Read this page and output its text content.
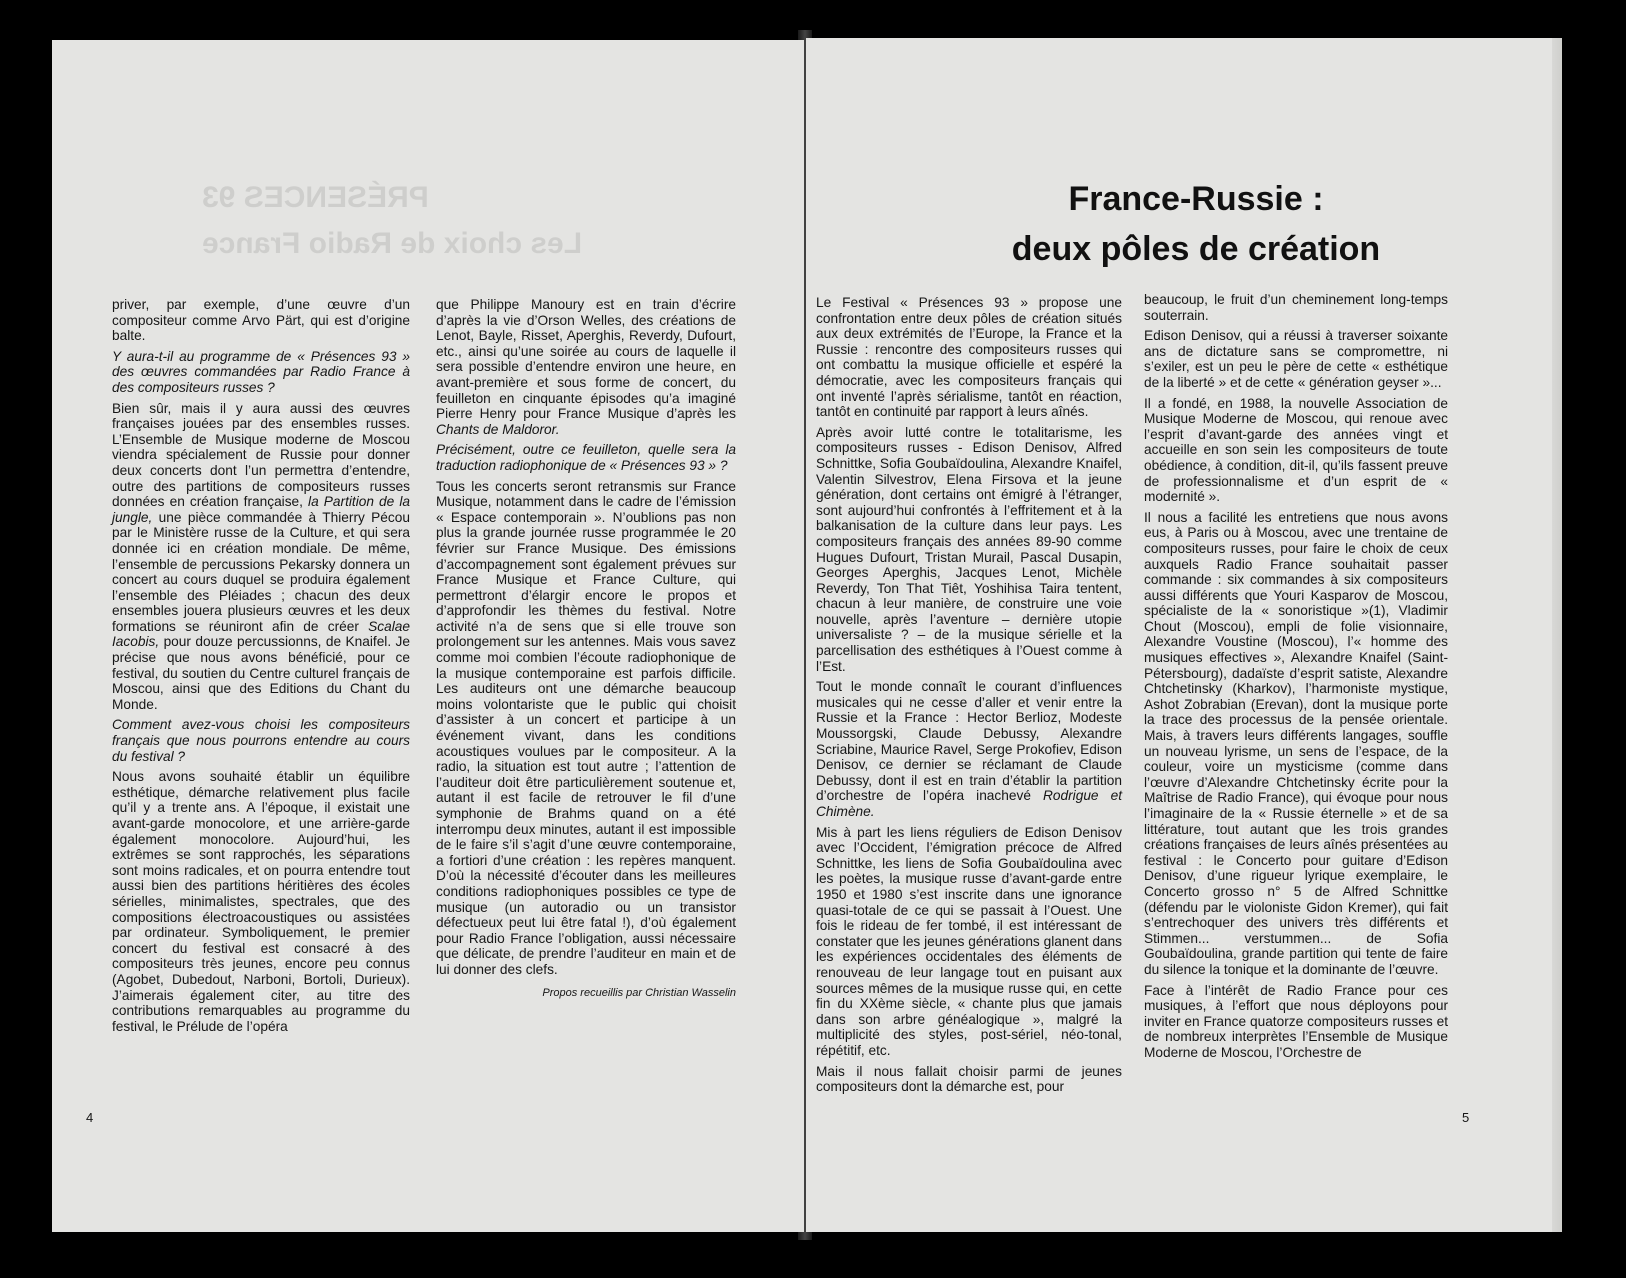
PRÉSENCES 93
Les choix de Radio France

priver, par exemple, d’une œuvre d’un compositeur comme Arvo Pärt, qui est d’origine balte.

Y aura-t-il au programme de « Présences 93 » des œuvres commandées par Radio France à des compositeurs russes ?

Bien sûr, mais il y aura aussi des œuvres françaises jouées par des ensembles russes. L’Ensemble de Musique moderne de Moscou viendra spécialement de Russie pour donner deux concerts dont l’un permettra d’entendre, outre des partitions de compositeurs russes données en création française, la Partition de la jungle, une pièce commandée à Thierry Pécou par le Ministère russe de la Culture, et qui sera donnée ici en création mondiale. De même, l’ensemble de percussions Pekarsky donnera un concert au cours duquel se produira également l’ensemble des Pléiades ; chacun des deux ensembles jouera plusieurs œuvres et les deux formations se réuniront afin de créer Scalae Iacobis, pour douze percussionns, de Knaifel. Je précise que nous avons bénéficié, pour ce festival, du soutien du Centre culturel français de Moscou, ainsi que des Editions du Chant du Monde.

Comment avez-vous choisi les compositeurs français que nous pourrons entendre au cours du festival ?

Nous avons souhaité établir un équilibre esthétique, démarche relativement plus facile qu’il y a trente ans. A l’époque, il existait une avant-garde monocolore, et une arrière-garde également monocolore. Aujourd’hui, les extrêmes se sont rapprochés, les séparations sont moins radicales, et on pourra entendre tout aussi bien des partitions héritières des écoles sérielles, minimalistes, spectrales, que des compositions électroacoustiques ou assistées par ordinateur. Symboliquement, le premier concert du festival est consacré à des compositeurs très jeunes, encore peu connus (Agobet, Dubedout, Narboni, Bortoli, Durieux). J’aimerais également citer, au titre des contributions remarquables au programme du festival, le Prélude de l’opéra

que Philippe Manoury est en train d’écrire d’après la vie d’Orson Welles, des créations de Lenot, Bayle, Risset, Aperghis, Reverdy, Dufourt, etc., ainsi qu’une soirée au cours de laquelle il sera possible d’entendre environ une heure, en avant-première et sous forme de concert, du feuilleton en cinquante épisodes qu’a imaginé Pierre Henry pour France Musique d’après les Chants de Maldoror.

Précisément, outre ce feuilleton, quelle sera la traduction radiophonique de « Présences 93 » ?

Tous les concerts seront retransmis sur France Musique, notamment dans le cadre de l’émission « Espace contemporain ». N’oublions pas non plus la grande journée russe programmée le 20 février sur France Musique. Des émissions d’accompagnement sont également prévues sur France Musique et France Culture, qui permettront d’élargir encore le propos et d’approfondir les thèmes du festival. Notre activité n’a de sens que si elle trouve son prolongement sur les antennes. Mais vous savez comme moi combien l’écoute radiophonique de la musique contemporaine est parfois difficile. Les auditeurs ont une démarche beaucoup moins volontariste que le public qui choisit d’assister à un concert et participe à un événement vivant, dans les conditions acoustiques voulues par le compositeur. A la radio, la situation est tout autre ; l’attention de l’auditeur doit être particulièrement soutenue et, autant il est facile de retrouver le fil d’une symphonie de Brahms quand on a été interrompu deux minutes, autant il est impossible de le faire s’il s’agit d’une œuvre contemporaine, a fortiori d’une création : les repères manquent. D’où la nécessité d’écouter dans les meilleures conditions radiophoniques possibles ce type de musique (un autoradio ou un transistor défectueux peut lui être fatal !), d’où également pour Radio France l’obligation, aussi nécessaire que délicate, de prendre l’auditeur en main et de lui donner des clefs.

Propos recueillis par Christian Wasselin

4
France-Russie :
deux pôles de création

Le Festival « Présences 93 » propose une confrontation entre deux pôles de création situés aux deux extrémités de l’Europe, la France et la Russie : rencontre des compositeurs russes qui ont combattu la musique officielle et espéré la démocratie, avec les compositeurs français qui ont inventé l’après sérialisme, tantôt en réaction, tantôt en continuité par rapport à leurs aînés.

Après avoir lutté contre le totalitarisme, les compositeurs russes - Edison Denisov, Alfred Schnittke, Sofia Goubaïdoulina, Alexandre Knaifel, Valentin Silvestrov, Elena Firsova et la jeune génération, dont certains ont émigré à l’étranger, sont aujourd’hui confrontés à l’effritement et à la balkanisation de la culture dans leur pays. Les compositeurs français des années 89-90 comme Hugues Dufourt, Tristan Murail, Pascal Dusapin, Georges Aperghis, Jacques Lenot, Michèle Reverdy, Ton That Tiêt, Yoshihisa Taira tentent, chacun à leur manière, de construire une voie nouvelle, après l’aventure – dernière utopie universaliste ? – de la musique sérielle et la parcellisation des esthétiques à l’Ouest comme à l’Est.

Tout le monde connaît le courant d’influences musicales qui ne cesse d’aller et venir entre la Russie et la France : Hector Berlioz, Modeste Moussorgski, Claude Debussy, Alexandre Scriabine, Maurice Ravel, Serge Prokofiev, Edison Denisov, ce dernier se réclamant de Claude Debussy, dont il est en train d’établir la partition d’orchestre de l’opéra inachevé Rodrigue et Chimène.

Mis à part les liens réguliers de Edison Denisov avec l’Occident, l’émigration précoce de Alfred Schnittke, les liens de Sofia Goubaïdoulina avec les poètes, la musique russe d’avant-garde entre 1950 et 1980 s’est inscrite dans une ignorance quasi-totale de ce qui se passait à l’Ouest. Une fois le rideau de fer tombé, il est intéressant de constater que les jeunes générations glanent dans les expériences occidentales des éléments de renouveau de leur langage tout en puisant aux sources mêmes de la musique russe qui, en cette fin du XXème siècle, « chante plus que jamais dans son arbre généalogique », malgré la multiplicité des styles, post-sériel, néo-tonal, répétitif, etc.

Mais il nous fallait choisir parmi de jeunes compositeurs dont la démarche est, pour

beaucoup, le fruit d’un cheminement long-temps souterrain.

Edison Denisov, qui a réussi à traverser soixante ans de dictature sans se compromettre, ni s’exiler, est un peu le père de cette « esthétique de la liberté » et de cette « génération geyser »...

Il a fondé, en 1988, la nouvelle Association de Musique Moderne de Moscou, qui renoue avec l’esprit d’avant-garde des années vingt et accueille en son sein les compositeurs de toute obédience, à condition, dit-il, qu’ils fassent preuve de professionnalisme et d’un esprit de « modernité ».

Il nous a facilité les entretiens que nous avons eus, à Paris ou à Moscou, avec une trentaine de compositeurs russes, pour faire le choix de ceux auxquels Radio France souhaitait passer commande : six commandes à six compositeurs aussi différents que Youri Kasparov de Moscou, spécialiste de la « sonoristique »(1), Vladimir Chout (Moscou), empli de folie visionnaire, Alexandre Voustine (Moscou), l’« homme des musiques effectives », Alexandre Knaifel (Saint-Pétersbourg), dadaïste d’esprit satiste, Alexandre Chtchetinsky (Kharkov), l’harmoniste mystique, Ashot Zobrabian (Erevan), dont la musique porte la trace des processus de la pensée orientale. Mais, à travers leurs différents langages, souffle un nouveau lyrisme, un sens de l’espace, de la couleur, voire un mysticisme (comme dans l’œuvre d’Alexandre Chtchetinsky écrite pour la Maîtrise de Radio France), qui évoque pour nous l’imaginaire de la « Russie éternelle » et de sa littérature, tout autant que les trois grandes créations françaises de leurs aînés présentées au festival : le Concerto pour guitare d’Edison Denisov, d’une rigueur lyrique exemplaire, le Concerto grosso n° 5 de Alfred Schnittke (défendu par le violoniste Gidon Kremer), qui fait s’entrechoquer des univers très différents et Stimmen... verstummen... de Sofia Goubaïdoulina, grande partition qui tente de faire du silence la tonique et la dominante de l’œuvre.

Face à l’intérêt de Radio France pour ces musiques, à l’effort que nous déployons pour inviter en France quatorze compositeurs russes et de nombreux interprètes l’Ensemble de Musique Moderne de Moscou, l’Orchestre de

5
